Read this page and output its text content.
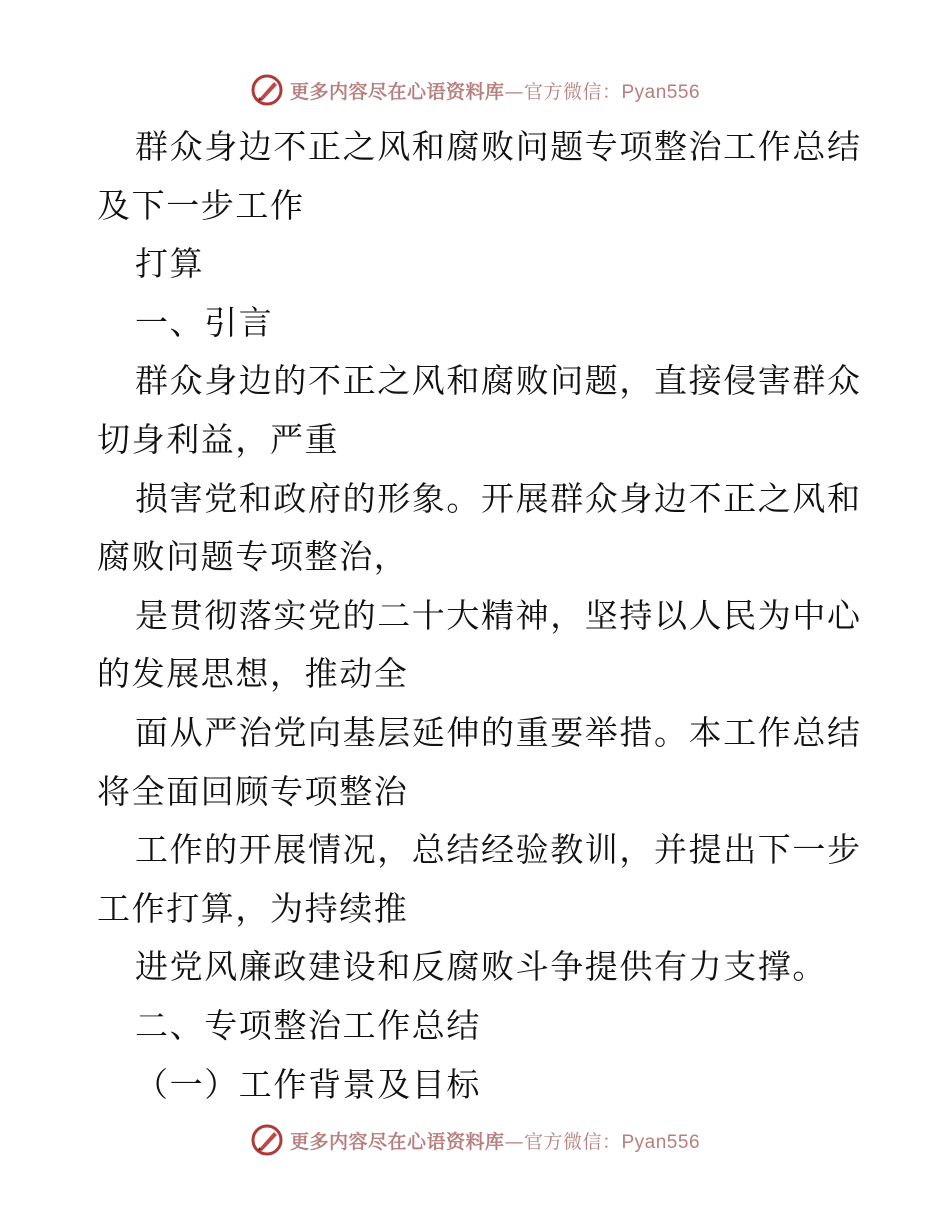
更多内容尽在心语资料库—官方微信：Pyan556
群众身边不正之风和腐败问题专项整治工作总结
及下一步工作
打算
一、引言
群众身边的不正之风和腐败问题，直接侵害群众
切身利益，严重
损害党和政府的形象。开展群众身边不正之风和
腐败问题专项整治，
是贯彻落实党的二十大精神，坚持以人民为中心
的发展思想，推动全
面从严治党向基层延伸的重要举措。本工作总结
将全面回顾专项整治
工作的开展情况，总结经验教训，并提出下一步
工作打算，为持续推
进党风廉政建设和反腐败斗争提供有力支撑。
二、专项整治工作总结
（一）工作背景及目标
更多内容尽在心语资料库—官方微信：Pyan556
